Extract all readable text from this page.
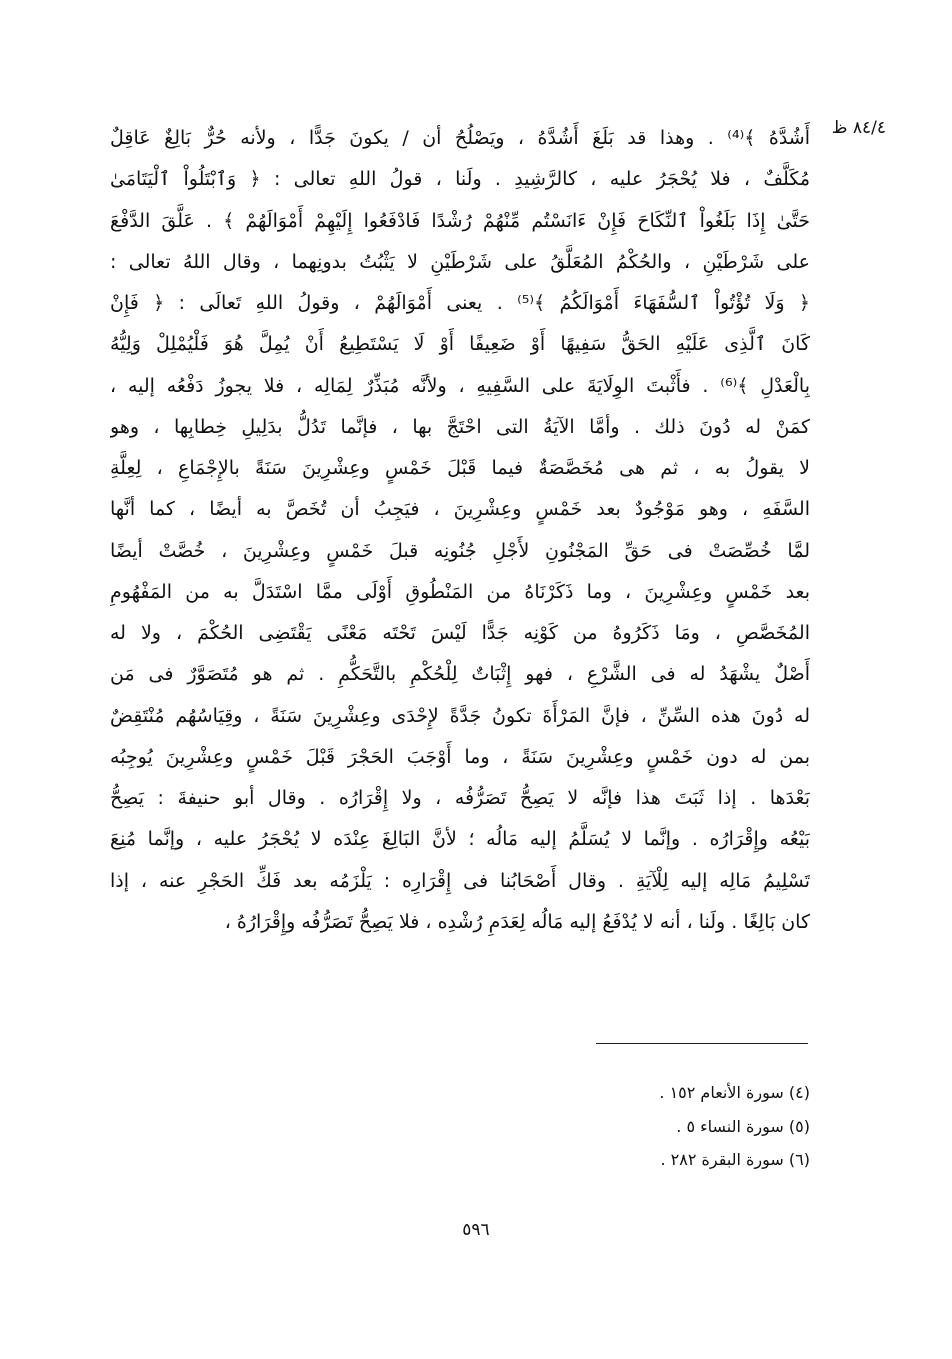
٨٤/٤ ظ
أَشُدَّهُ ﴾⁽⁴⁾ . وهذا قد بَلَغَ أَشُدَّهُ ، ويَصْلُحُ أن / يكونَ جَدًّا ، ولأنه حُرٌّ بَالِغٌ عَاقِلٌ
مُكَلَّفٌ ، فلا يُحْجَرُ عليه ، كالرَّشِيدِ . ولَنا ، قولُ اللهِ تعالى : ﴿ وَٱبْتَلُواْ ٱلْيَتَامَىٰ
حَتَّىٰ إِذَا بَلَغُواْ ٱلنِّكَاحَ فَإِنْ ءَانَسْتُم مِّنْهُمْ رُشْدًا فَادْفَعُوا إِلَيْهِمْ أَمْوَالَهُمْ ﴾ . عَلَّقَ الدَّفْعَ
على شَرْطَيْنِ ، والحُكْمُ المُعَلَّقُ على شَرْطَيْنِ لا يَثْبُتُ بدونِهما ، وقال اللهُ تعالى :
﴿ وَلَا تُؤْتُواْ ٱلسُّفَهَاءَ أَمْوَالَكُمُ ﴾⁽⁵⁾ . يعنى أَمْوَالَهُمْ ، وقولُ اللهِ تَعالَى : ﴿ فَإِنْ
كَانَ ٱلَّذِى عَلَيْهِ الحَقُّ سَفِيهًا أَوْ ضَعِيفًا أَوْ لَا يَسْتَطِيعُ أَنْ يُمِلَّ هُوَ فَلْيُمْلِلْ وَلِيُّهُ
بِالْعَدْلِ ﴾⁽⁶⁾ . فأَثْبتَ الوِلَايَةَ على السَّفِيهِ ، ولأنَّه مُبَذِّرٌ لِمَالِه ، فلا يجوزُ دَفْعُه إليه ،
كمَنْ له دُونَ ذلك . وأمَّا الآيَةُ التى احْتَجَّ بها ، فإنَّما تَدُلُّ بدَلِيلِ خِطابِها ، وهو
لا يقولُ به ، ثم هى مُخَصَّصَةٌ فيما قَبْلَ خَمْسٍ وعِشْرِينَ سَنَةً بالإِجْمَاعِ ، لِعِلَّةِ
السَّفَهِ ، وهو مَوْجُودٌ بعد خَمْسٍ وعِشْرِينَ ، فيَجِبُ أن تُخَصَّ به أيضًا ، كما أنَّها
لمَّا خُصِّصَتْ فى حَقِّ المَجْنُونِ لأَجْلِ جُنُونِه قبلَ خَمْسٍ وعِشْرِينَ ، خُصَّتْ أيضًا
بعد خَمْسٍ وعِشْرِينَ ، وما ذَكَرْنَاهُ من المَنْطُوقِ أَوْلَى ممَّا اسْتَدَلَّ به من المَفْهُومِ
المُخَصَّصِ ، ومَا ذَكَرُوهُ من كَوْنِه جَدًّا لَيْسَ تَحْتَه مَعْنًى يَقْتَضِى الحُكْمَ ، ولا له
أَصْلٌ يشْهَدُ له فى الشَّرْعِ ، فهو إِثْبَاتٌ لِلْحُكْمِ بالتَّحَكُّمِ . ثم هو مُتَصَوَّرٌ فى مَن
له دُونَ هذه السِّنِّ ، فإنَّ المَرْأَةَ تكونُ جَدَّةً لإِحْدَى وعِشْرِينَ سَنَةً ، وقِيَاسُهُم مُنْتَقِضٌ
بمن له دون خَمْسٍ وعِشْرِينَ سَنَةً ، وما أَوْجَبَ الحَجْرَ قَبْلَ خَمْسٍ وعِشْرِينَ يُوجِبُه
بَعْدَها . إذا ثَبَتَ هذا فإنَّه لا يَصِحُّ تَصَرُّفُه ، ولا إِقْرَارُه . وقال أبو حنيفةَ : يَصِحُّ
بَيْعُه وإِقْرَارُه . وإنَّما لا يُسَلَّمُ إليه مَالُه ؛ لأنَّ البَالِغَ عِنْدَه لا يُحْجَرُ عليه ، وإنَّما مُنِعَ
تَسْلِيمُ مَالِه إليه لِلْآيَةِ . وقال أَصْحَابُنا فى إِقْرَارِه : يَلْزَمُه بعد فَكِّ الحَجْرِ عنه ، إذا
كان بَالِغًا . ولَنا ، أنه لا يُدْفَعُ إليه مَالُه لِعَدَمِ رُشْدِه ، فلا يَصِحُّ تَصَرُّفُه وإِقْرَارُهُ ،
(٤) سورة الأنعام ١٥٢ .
(٥) سورة النساء ٥ .
(٦) سورة البقرة ٢٨٢ .
٥٩٦
